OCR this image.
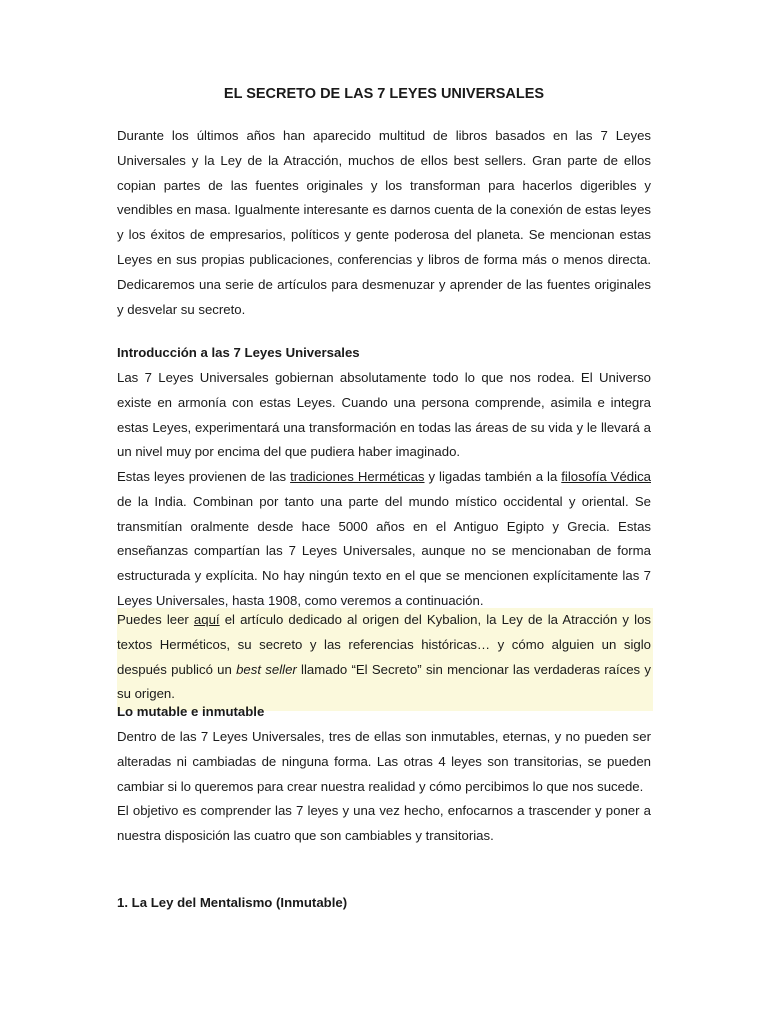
EL SECRETO DE LAS 7 LEYES UNIVERSALES

Durante los últimos años han aparecido multitud de libros basados en las 7 Leyes Universales y la Ley de la Atracción, muchos de ellos best sellers. Gran parte de ellos copian partes de las fuentes originales y los transforman para hacerlos digeribles y vendibles en masa. Igualmente interesante es darnos cuenta de la conexión de estas leyes y los éxitos de empresarios, políticos y gente poderosa del planeta. Se mencionan estas Leyes en sus propias publicaciones, conferencias y libros de forma más o menos directa. Dedicaremos una serie de artículos para desmenuzar y aprender de las fuentes originales y desvelar su secreto.

Introducción a las 7 Leyes Universales

Las 7 Leyes Universales gobiernan absolutamente todo lo que nos rodea. El Universo existe en armonía con estas Leyes. Cuando una persona comprende, asimila e integra estas Leyes, experimentará una transformación en todas las áreas de su vida y le llevará a un nivel muy por encima del que pudiera haber imaginado.

Estas leyes provienen de las tradiciones Herméticas y ligadas también a la filosofía Védica de la India. Combinan por tanto una parte del mundo místico occidental y oriental. Se transmitían oralmente desde hace 5000 años en el Antiguo Egipto y Grecia. Estas enseñanzas compartían las 7 Leyes Universales, aunque no se mencionaban de forma estructurada y explícita. No hay ningún texto en el que se mencionen explícitamente las 7 Leyes Universales, hasta 1908, como veremos a continuación.

Puedes leer aquí el artículo dedicado al origen del Kybalion, la Ley de la Atracción y los textos Herméticos, su secreto y las referencias históricas… y cómo alguien un siglo después publicó un best seller llamado “El Secreto” sin mencionar las verdaderas raíces y su origen.

Lo mutable e inmutable

Dentro de las 7 Leyes Universales, tres de ellas son inmutables, eternas, y no pueden ser alteradas ni cambiadas de ninguna forma. Las otras 4 leyes son transitorias, se pueden cambiar si lo queremos para crear nuestra realidad y cómo percibimos lo que nos sucede.

El objetivo es comprender las 7 leyes y una vez hecho, enfocarnos a trascender y poner a nuestra disposición las cuatro que son cambiables y transitorias.

1. La Ley del Mentalismo (Inmutable)
